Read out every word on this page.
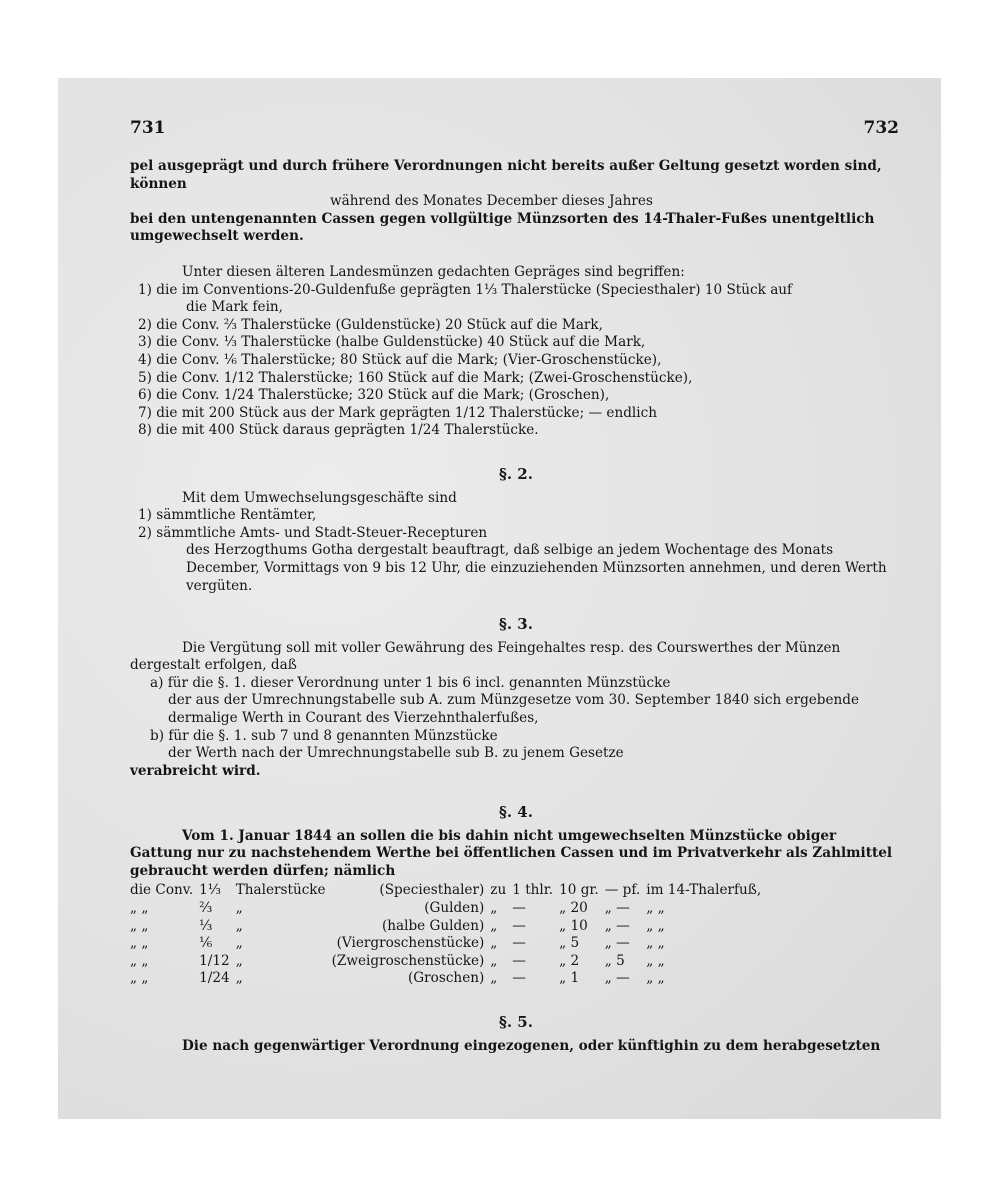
731	732
pel ausgeprägt und durch frühere Verordnungen nicht bereits außer Geltung gesetzt worden sind, können
während des Monates December dieses Jahres
bei den untengenannten Cassen gegen vollgültige Münzsorten des 14-Thaler-Fußes unentgeltlich umgewechselt werden.
Unter diesen älteren Landesmünzen gedachten Gepräges sind begriffen:
1) die im Conventions-20-Guldenfuße geprägten 1⅓ Thalerstücke (Speciesthaler) 10 Stück auf
die Mark fein,
2) die Conv. ⅔ Thalerstücke (Guldenstücke) 20 Stück auf die Mark,
3) die Conv. ⅓ Thalerstücke (halbe Guldenstücke) 40 Stück auf die Mark,
4) die Conv. ⅙ Thalerstücke; 80 Stück auf die Mark; (Vier-Groschenstücke),
5) die Conv. 1/12 Thalerstücke; 160 Stück auf die Mark; (Zwei-Groschenstücke),
6) die Conv. 1/24 Thalerstücke; 320 Stück auf die Mark; (Groschen),
7) die mit 200 Stück aus der Mark geprägten 1/12 Thalerstücke; — endlich
8) die mit 400 Stück daraus geprägten 1/24 Thalerstücke.
§. 2.
Mit dem Umwechselungsgeschäfte sind
1) sämmtliche Rentämter,
2) sämmtliche Amts- und Stadt-Steuer-Recepturen
des Herzogthums Gotha dergestalt beauftragt, daß selbige an jedem Wochentage des Monats December, Vormittags von 9 bis 12 Uhr, die einzuziehenden Münzsorten annehmen, und deren Werth vergüten.
§. 3.
Die Vergütung soll mit voller Gewährung des Feingehaltes resp. des Courswerthes der Münzen dergestalt erfolgen, daß
a) für die §. 1. dieser Verordnung unter 1 bis 6 incl. genannten Münzstücke
der aus der Umrechnungstabelle sub A. zum Münzgesetze vom 30. September 1840 sich ergebende dermalige Werth in Courant des Vierzehnthalerfußes,
b) für die §. 1. sub 7 und 8 genannten Münzstücke
der Werth nach der Umrechnungstabelle sub B. zu jenem Gesetze
verabreicht wird.
§. 4.
Vom 1. Januar 1844 an sollen die bis dahin nicht umgewechselten Münzstücke obiger Gattung nur zu nachstehendem Werthe bei öffentlichen Cassen und im Privatverkehr als Zahlmittel gebraucht werden dürfen; nämlich
die Conv.	1⅓	Thalerstücke	(Speciesthaler)	zu	1 thlr.	10 gr.	— pf.	im 14-Thalerfuß,
„ „	⅔	„	(Gulden)	„	—	„ 20	„ —	„ „
„ „	⅓	„	(halbe Gulden)	„	—	„ 10	„ —	„ „
„ „	⅙	„	(Viergroschenstücke)	„	—	„ 5	„ —	„ „
„ „	1/12	„	(Zweigroschenstücke)	„	—	„ 2	„ 5	„ „
„ „	1/24	„	(Groschen)	„	—	„ 1	„ —	„ „
§. 5.
Die nach gegenwärtiger Verordnung eingezogenen, oder künftighin zu dem herabgesetzten
